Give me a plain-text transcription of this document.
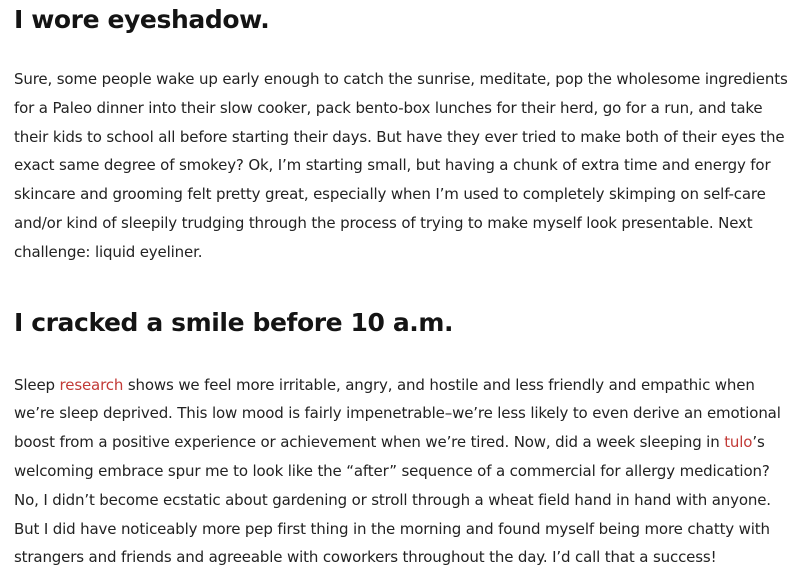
I wore eyeshadow.

Sure, some people wake up early enough to catch the sunrise, meditate, pop the wholesome ingredients for a Paleo dinner into their slow cooker, pack bento-box lunches for their herd, go for a run, and take their kids to school all before starting their days. But have they ever tried to make both of their eyes the exact same degree of smokey? Ok, I’m starting small, but having a chunk of extra time and energy for skincare and grooming felt pretty great, especially when I’m used to completely skimping on self-care and/or kind of sleepily trudging through the process of trying to make myself look presentable. Next challenge: liquid eyeliner.

I cracked a smile before 10 a.m.

Sleep research shows we feel more irritable, angry, and hostile and less friendly and empathic when we’re sleep deprived. This low mood is fairly impenetrable–we’re less likely to even derive an emotional boost from a positive experience or achievement when we’re tired. Now, did a week sleeping in tulo’s welcoming embrace spur me to look like the “after” sequence of a commercial for allergy medication? No, I didn’t become ecstatic about gardening or stroll through a wheat field hand in hand with anyone. But I did have noticeably more pep first thing in the morning and found myself being more chatty with strangers and friends and agreeable with coworkers throughout the day. I’d call that a success!
